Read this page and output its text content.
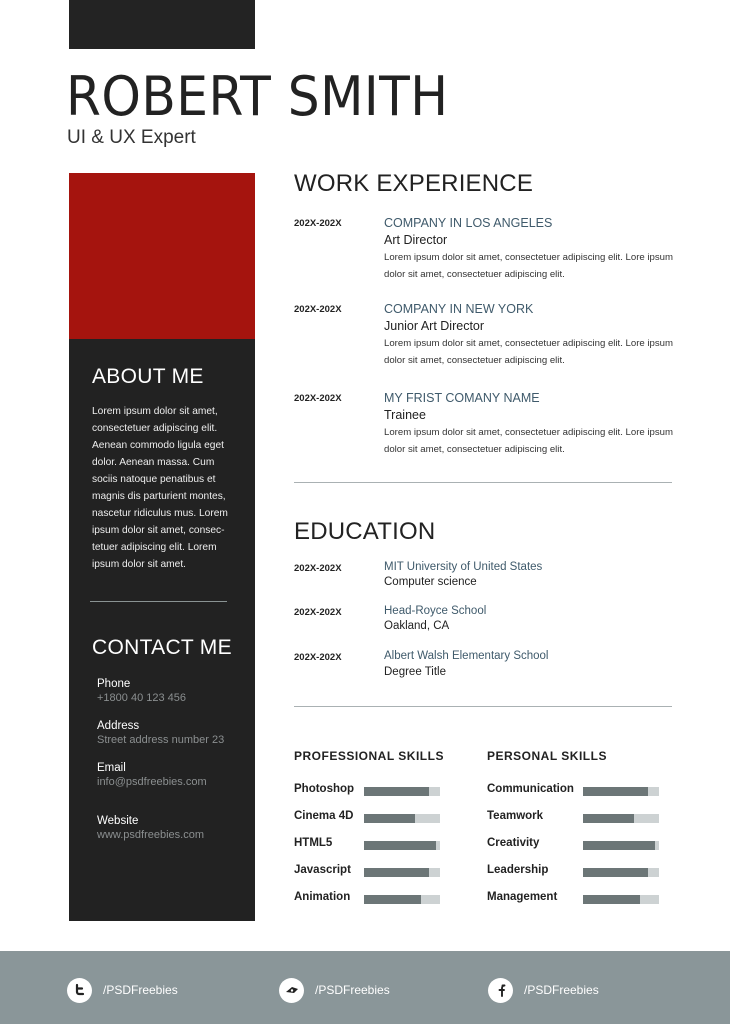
ROBERT SMITH
UI & UX Expert
ABOUT ME
Lorem ipsum dolor sit amet, consectetuer adipiscing elit. Aenean commodo ligula eget dolor. Aenean massa. Cum sociis natoque penatibus et magnis dis parturient montes, nascetur ridiculus mus. Lorem ipsum dolor sit amet, consec-tetuer adipiscing elit. Lorem ipsum dolor sit amet.
CONTACT ME
Phone
+1800 40 123 456
Address
Street address number 23
Email
info@psdfreebies.com
Website
www.psdfreebies.com
WORK EXPERIENCE
202X-202X	COMPANY IN LOS ANGELES
Art Director
Lorem ipsum dolor sit amet, consectetuer adipiscing elit. Lore ipsum dolor sit amet, consectetuer adipiscing elit.
202X-202X	COMPANY IN NEW YORK
Junior Art Director
Lorem ipsum dolor sit amet, consectetuer adipiscing elit. Lore ipsum dolor sit amet, consectetuer adipiscing elit.
202X-202X	MY FRIST COMANY NAME
Trainee
Lorem ipsum dolor sit amet, consectetuer adipiscing elit. Lore ipsum dolor sit amet, consectetuer adipiscing elit.
EDUCATION
202X-202X	MIT University of United States
Computer science
202X-202X	Head-Royce School
Oakland, CA
202X-202X	Albert Walsh Elementary School
Degree Title
PROFESSIONAL SKILLS
Photoshop
Cinema 4D
HTML5
Javascript
Animation
PERSONAL SKILLS
Communication
Teamwork
Creativity
Leadership
Management
/PSDFreebies	/PSDFreebies	/PSDFreebies
